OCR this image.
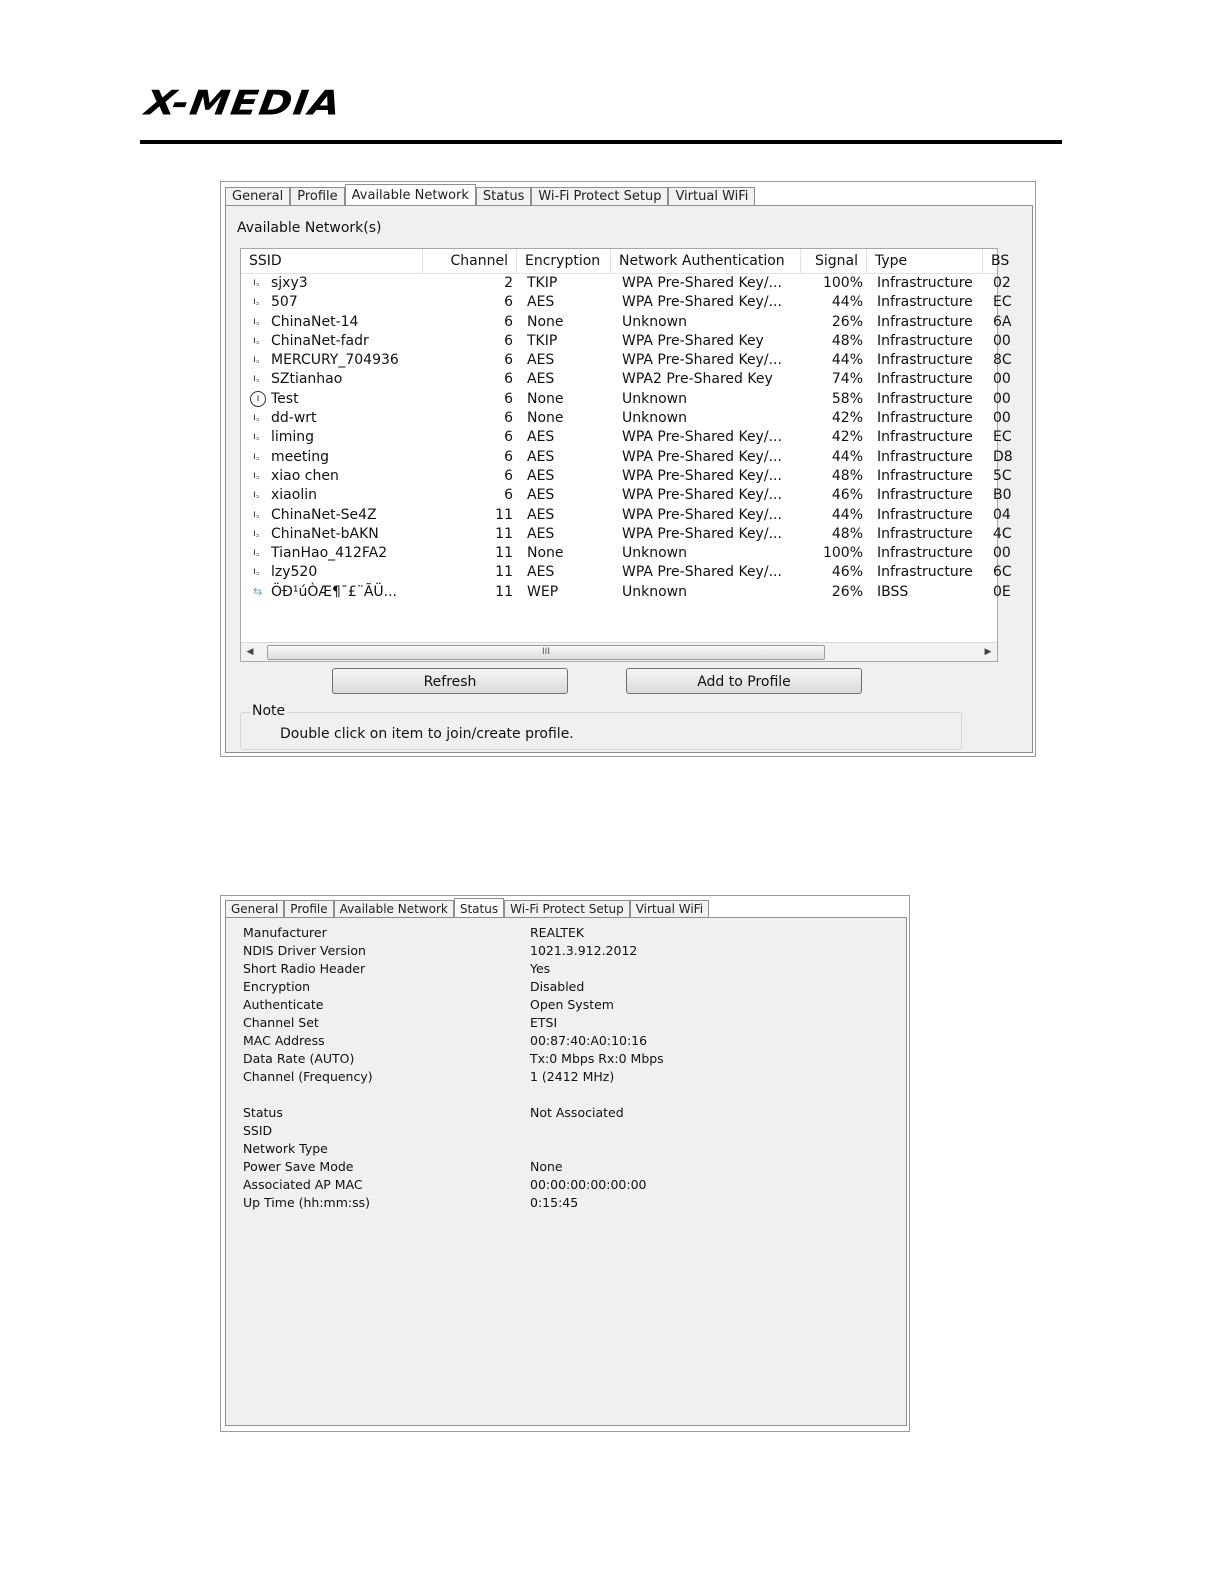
X-MEDIA
General	Profile	Available Network	Status	Wi-Fi Protect Setup	Virtual WiFi
Available Network(s)
SSID	Channel	Encryption	Network Authentication	Signal	Type	BS
ı꜆ sjxy3	2 TKIP	WPA Pre-Shared Key/...	100% Infrastructure	02
ı꜆ 507	6 AES	WPA Pre-Shared Key/...	44% Infrastructure	EC
ı꜆ ChinaNet-14	6 None	Unknown	26% Infrastructure	6A
ı꜆ ChinaNet-fadr	6 TKIP	WPA Pre-Shared Key	48% Infrastructure	00
ı꜆ MERCURY_704936	6 AES	WPA Pre-Shared Key/...	44% Infrastructure	8C
ı꜆ SZtianhao	6 AES	WPA2 Pre-Shared Key	74% Infrastructure	00
ı Test	6 None	Unknown	58% Infrastructure	00
ı꜆ dd-wrt	6 None	Unknown	42% Infrastructure	00
ı꜆ liming	6 AES	WPA Pre-Shared Key/...	42% Infrastructure	EC
ı꜆ meeting	6 AES	WPA Pre-Shared Key/...	44% Infrastructure	D8
ı꜆ xiao chen	6 AES	WPA Pre-Shared Key/...	48% Infrastructure	5C
ı꜆ xiaolin	6 AES	WPA Pre-Shared Key/...	46% Infrastructure	B0
ı꜆ ChinaNet-Se4Z	11 AES	WPA Pre-Shared Key/...	44% Infrastructure	04
ı꜆ ChinaNet-bAKN	11 AES	WPA Pre-Shared Key/...	48% Infrastructure	4C
ı꜆ TianHao_412FA2	11 None	Unknown	100% Infrastructure	00
ı꜆ lzy520	11 AES	WPA Pre-Shared Key/...	46% Infrastructure	6C
⇆ ÖÐ¹úÒÆ¶¯£¨ÃÜ...	11 WEP	Unknown	26% IBSS	0E
◀	III	▶
Refresh	Add to Profile
Note
Double click on item to join/create profile.
General	Profile	Available Network	Status	Wi-Fi Protect Setup	Virtual WiFi
Manufacturer	REALTEK
NDIS Driver Version	1021.3.912.2012
Short Radio Header	Yes
Encryption	Disabled
Authenticate	Open System
Channel Set	ETSI
MAC Address	00:87:40:A0:10:16
Data Rate (AUTO)	Tx:0 Mbps Rx:0 Mbps
Channel (Frequency)	1 (2412 MHz)
Status	Not Associated
SSID
Network Type
Power Save Mode	None
Associated AP MAC	00:00:00:00:00:00
Up Time (hh:mm:ss)	0:15:45
